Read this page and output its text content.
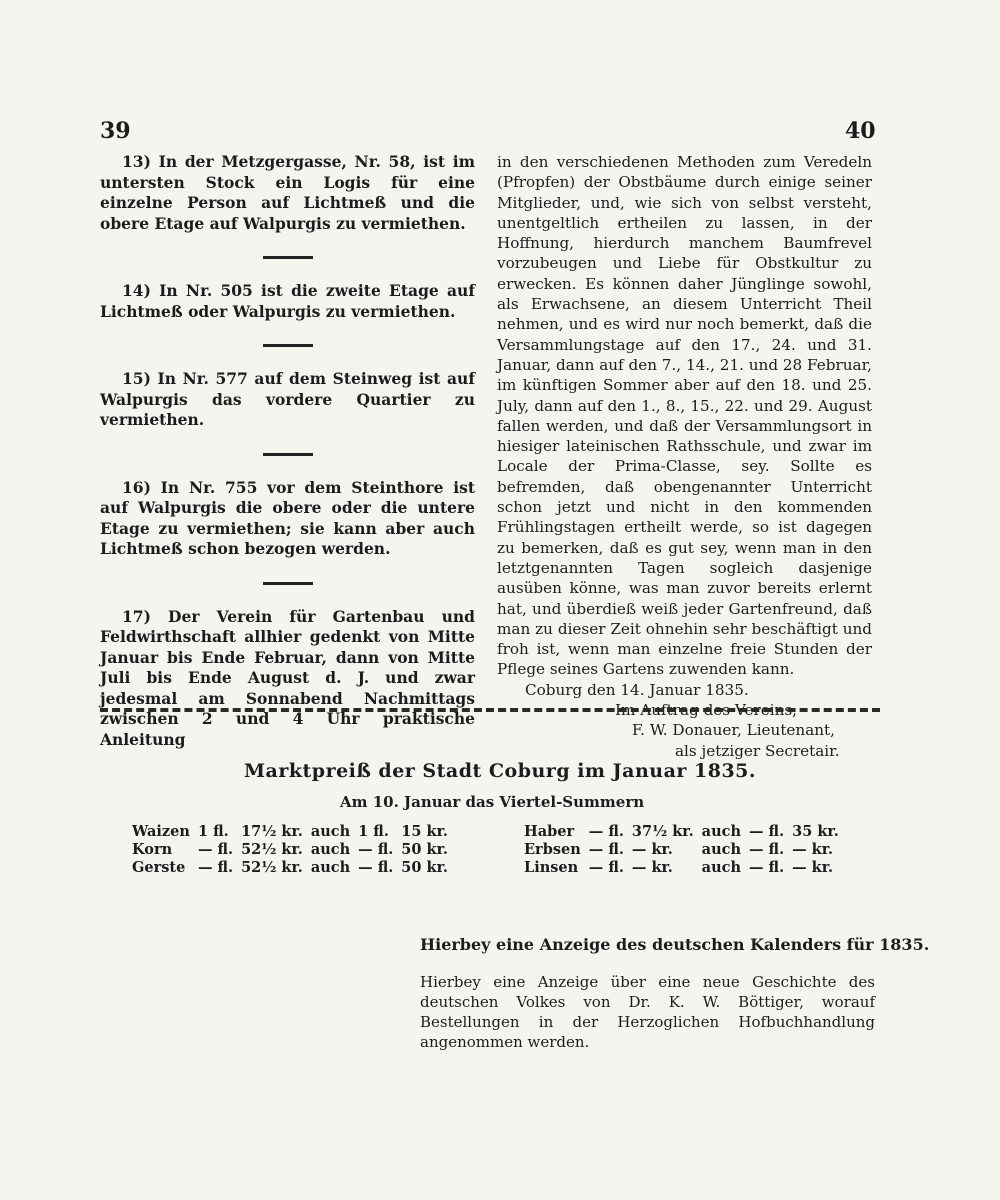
39	40
13) In der Metzgergasse, Nr. 58, ist im untersten Stock ein Logis für eine einzelne Person auf Lichtmeß und die obere Etage auf Walpurgis zu vermiethen.
14) In Nr. 505 ist die zweite Etage auf Lichtmeß oder Walpurgis zu vermiethen.
15) In Nr. 577 auf dem Steinweg ist auf Walpurgis das vordere Quartier zu vermiethen.
16) In Nr. 755 vor dem Steinthore ist auf Walpurgis die obere oder die untere Etage zu vermiethen; sie kann aber auch Lichtmeß schon bezogen werden.
17) Der Verein für Gartenbau und Feldwirthschaft allhier gedenkt von Mitte Januar bis Ende Februar, dann von Mitte Juli bis Ende August d. J. und zwar jedesmal am Sonnabend Nachmittags zwischen 2 und 4 Uhr praktische Anleitung
in den verschiedenen Methoden zum Veredeln (Pfropfen) der Obstbäume durch einige seiner Mitglieder, und, wie sich von selbst versteht, unentgeltlich ertheilen zu lassen, in der Hoffnung, hierdurch manchem Baumfrevel vorzubeugen und Liebe für Obstkultur zu erwecken. Es können daher Jünglinge sowohl, als Erwachsene, an diesem Unterricht Theil nehmen, und es wird nur noch bemerkt, daß die Versammlungstage auf den 17., 24. und 31. Januar, dann auf den 7., 14., 21. und 28 Februar, im künftigen Sommer aber auf den 18. und 25. July, dann auf den 1., 8., 15., 22. und 29. August fallen werden, und daß der Versammlungsort in hiesiger lateinischen Rathsschule, und zwar im Locale der Prima-Classe, sey. Sollte es befremden, daß obengenannter Unterricht schon jetzt und nicht in den kommenden Frühlingstagen ertheilt werde, so ist dagegen zu bemerken, daß es gut sey, wenn man in den letztgenannten Tagen sogleich dasjenige ausüben könne, was man zuvor bereits erlernt hat, und überdieß weiß jeder Gartenfreund, daß man zu dieser Zeit ohnehin sehr beschäftigt und froh ist, wenn man einzelne freie Stunden der Pflege seines Gartens zuwenden kann.
Coburg den 14. Januar 1835.
Im Auftrag des Vereins,
F. W. Donauer, Lieutenant,
als jetziger Secretair.
Marktpreiß der Stadt Coburg im Januar 1835.
Am 10. Januar das Viertel-Summern
Waizen	1 fl.	17½ kr.	auch	1 fl.	15 kr.
Korn	— fl.	52½ kr.	auch	— fl.	50 kr.
Gerste	— fl.	52½ kr.	auch	— fl.	50 kr.
Haber	— fl.	37½ kr.	auch	— fl.	35 kr.
Erbsen	— fl.	— kr.	auch	— fl.	— kr.
Linsen	— fl.	— kr.	auch	— fl.	— kr.
Hierbey eine Anzeige des deutschen Kalenders für 1835.
Hierbey eine Anzeige über eine neue Geschichte des deutschen Volkes von Dr. K. W. Böttiger, worauf Bestellungen in der Herzoglichen Hofbuchhandlung angenommen werden.
